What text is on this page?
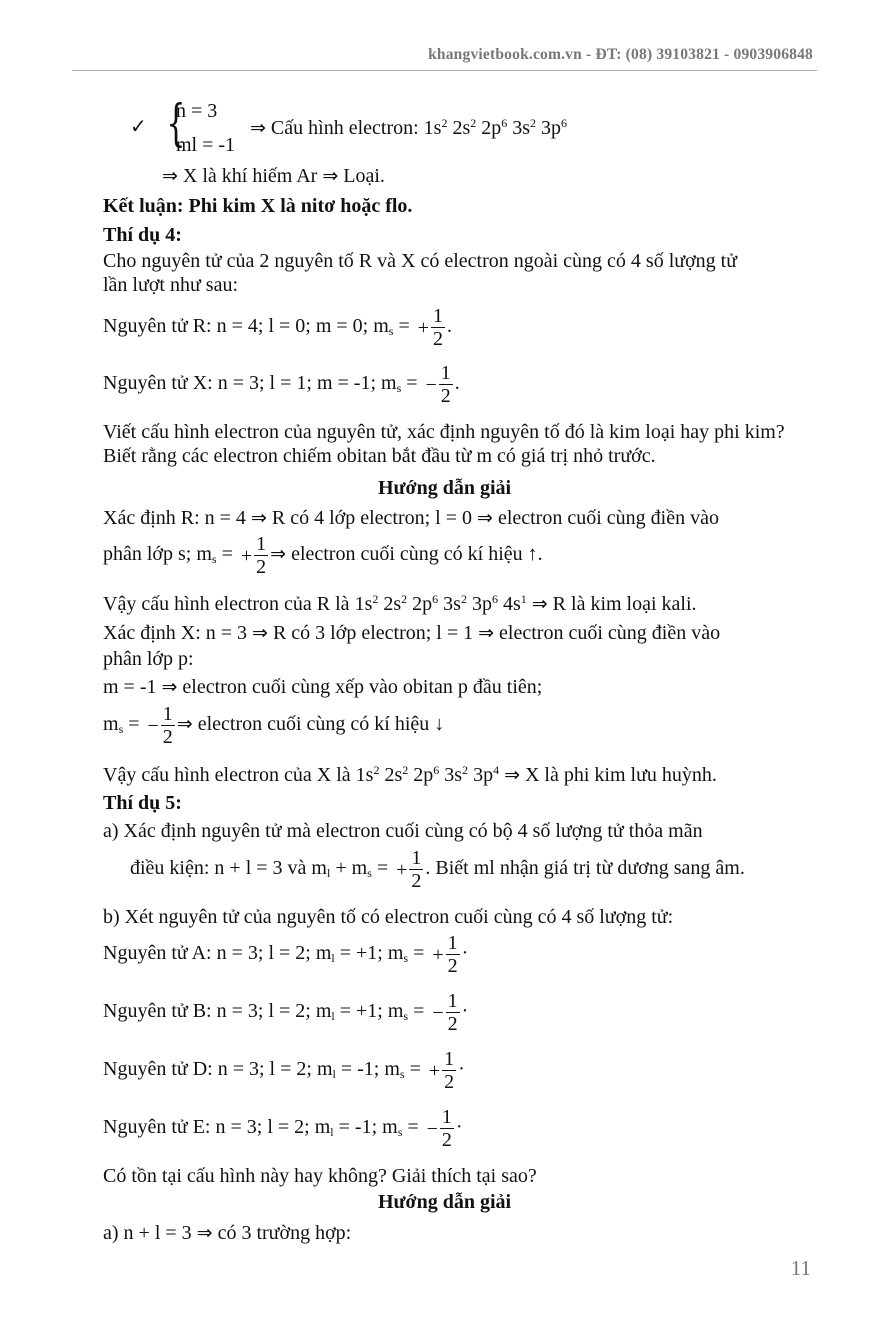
khangvietbook.com.vn - ĐT: (08) 39103821 - 0903906848
✓ {
n = 3
ml = -1
⇒ Cấu hình electron: $1s^2$ $2s^2$ $2p^6$ $3s^2$ $3p^6$
⇒ X là khí hiếm Ar ⇒ Loại.
Kết luận: Phi kim X là nitơ hoặc flo.
Thí dụ 4:
Cho nguyên tử của 2 nguyên tố R và X có electron ngoài cùng có 4 số lượng tử
lần lượt như sau:
Nguyên tử R: n = 4; l = 0; m = 0; $m_s$ = + $\frac{1}{2}$ .
Nguyên tử X: n = 3; l = 1; m = -1; $m_s$ = − $\frac{1}{2}$ .
Viết cấu hình electron của nguyên tử, xác định nguyên tố đó là kim loại hay phi kim?
Biết rằng các electron chiếm obitan bắt đầu từ m có giá trị nhỏ trước.
Hướng dẫn giải
Xác định R: n = 4 ⇒ R có 4 lớp electron; l = 0 ⇒ electron cuối cùng điền vào
phân lớp s; $m_s$ = + $\frac{1}{2}$ ⇒ electron cuối cùng có kí hiệu ↑.
Vậy cấu hình electron của R là $1s^2$ $2s^2$ $2p^6$ $3s^2$ $3p^6$ $4s^1$ ⇒ R là kim loại kali.
Xác định X: n = 3 ⇒ R có 3 lớp electron; l = 1 ⇒ electron cuối cùng điền vào
phân lớp p:
m = -1 ⇒ electron cuối cùng xếp vào obitan p đầu tiên;
$m_s$ = − $\frac{1}{2}$ ⇒ electron cuối cùng có kí hiệu ↓
Vậy cấu hình electron của X là $1s^2$ $2s^2$ $2p^6$ $3s^2$ $3p^4$ ⇒ X là phi kim lưu huỳnh.
Thí dụ 5:
a) Xác định nguyên tử mà electron cuối cùng có bộ 4 số lượng tử thỏa mãn
điều kiện: n + l = 3 và $m_l + m_s$ = + $\frac{1}{2}$ . Biết ml nhận giá trị từ dương sang âm.
b) Xét nguyên tử của nguyên tố có electron cuối cùng có 4 số lượng tử:
Nguyên tử A: n = 3; l = 2; $m_l = +1$; $m_s$ = + $\frac{1}{2}$ ·
Nguyên tử B: n = 3; l = 2; $m_l = +1$; $m_s$ = − $\frac{1}{2}$ ·
Nguyên tử D: n = 3; l = 2; $m_l = -1$; $m_s$ = + $\frac{1}{2}$ ·
Nguyên tử E: n = 3; l = 2; $m_l = -1$; $m_s$ = − $\frac{1}{2}$ ·
Có tồn tại cấu hình này hay không? Giải thích tại sao?
Hướng dẫn giải
a) n + l = 3 ⇒ có 3 trường hợp:
11
